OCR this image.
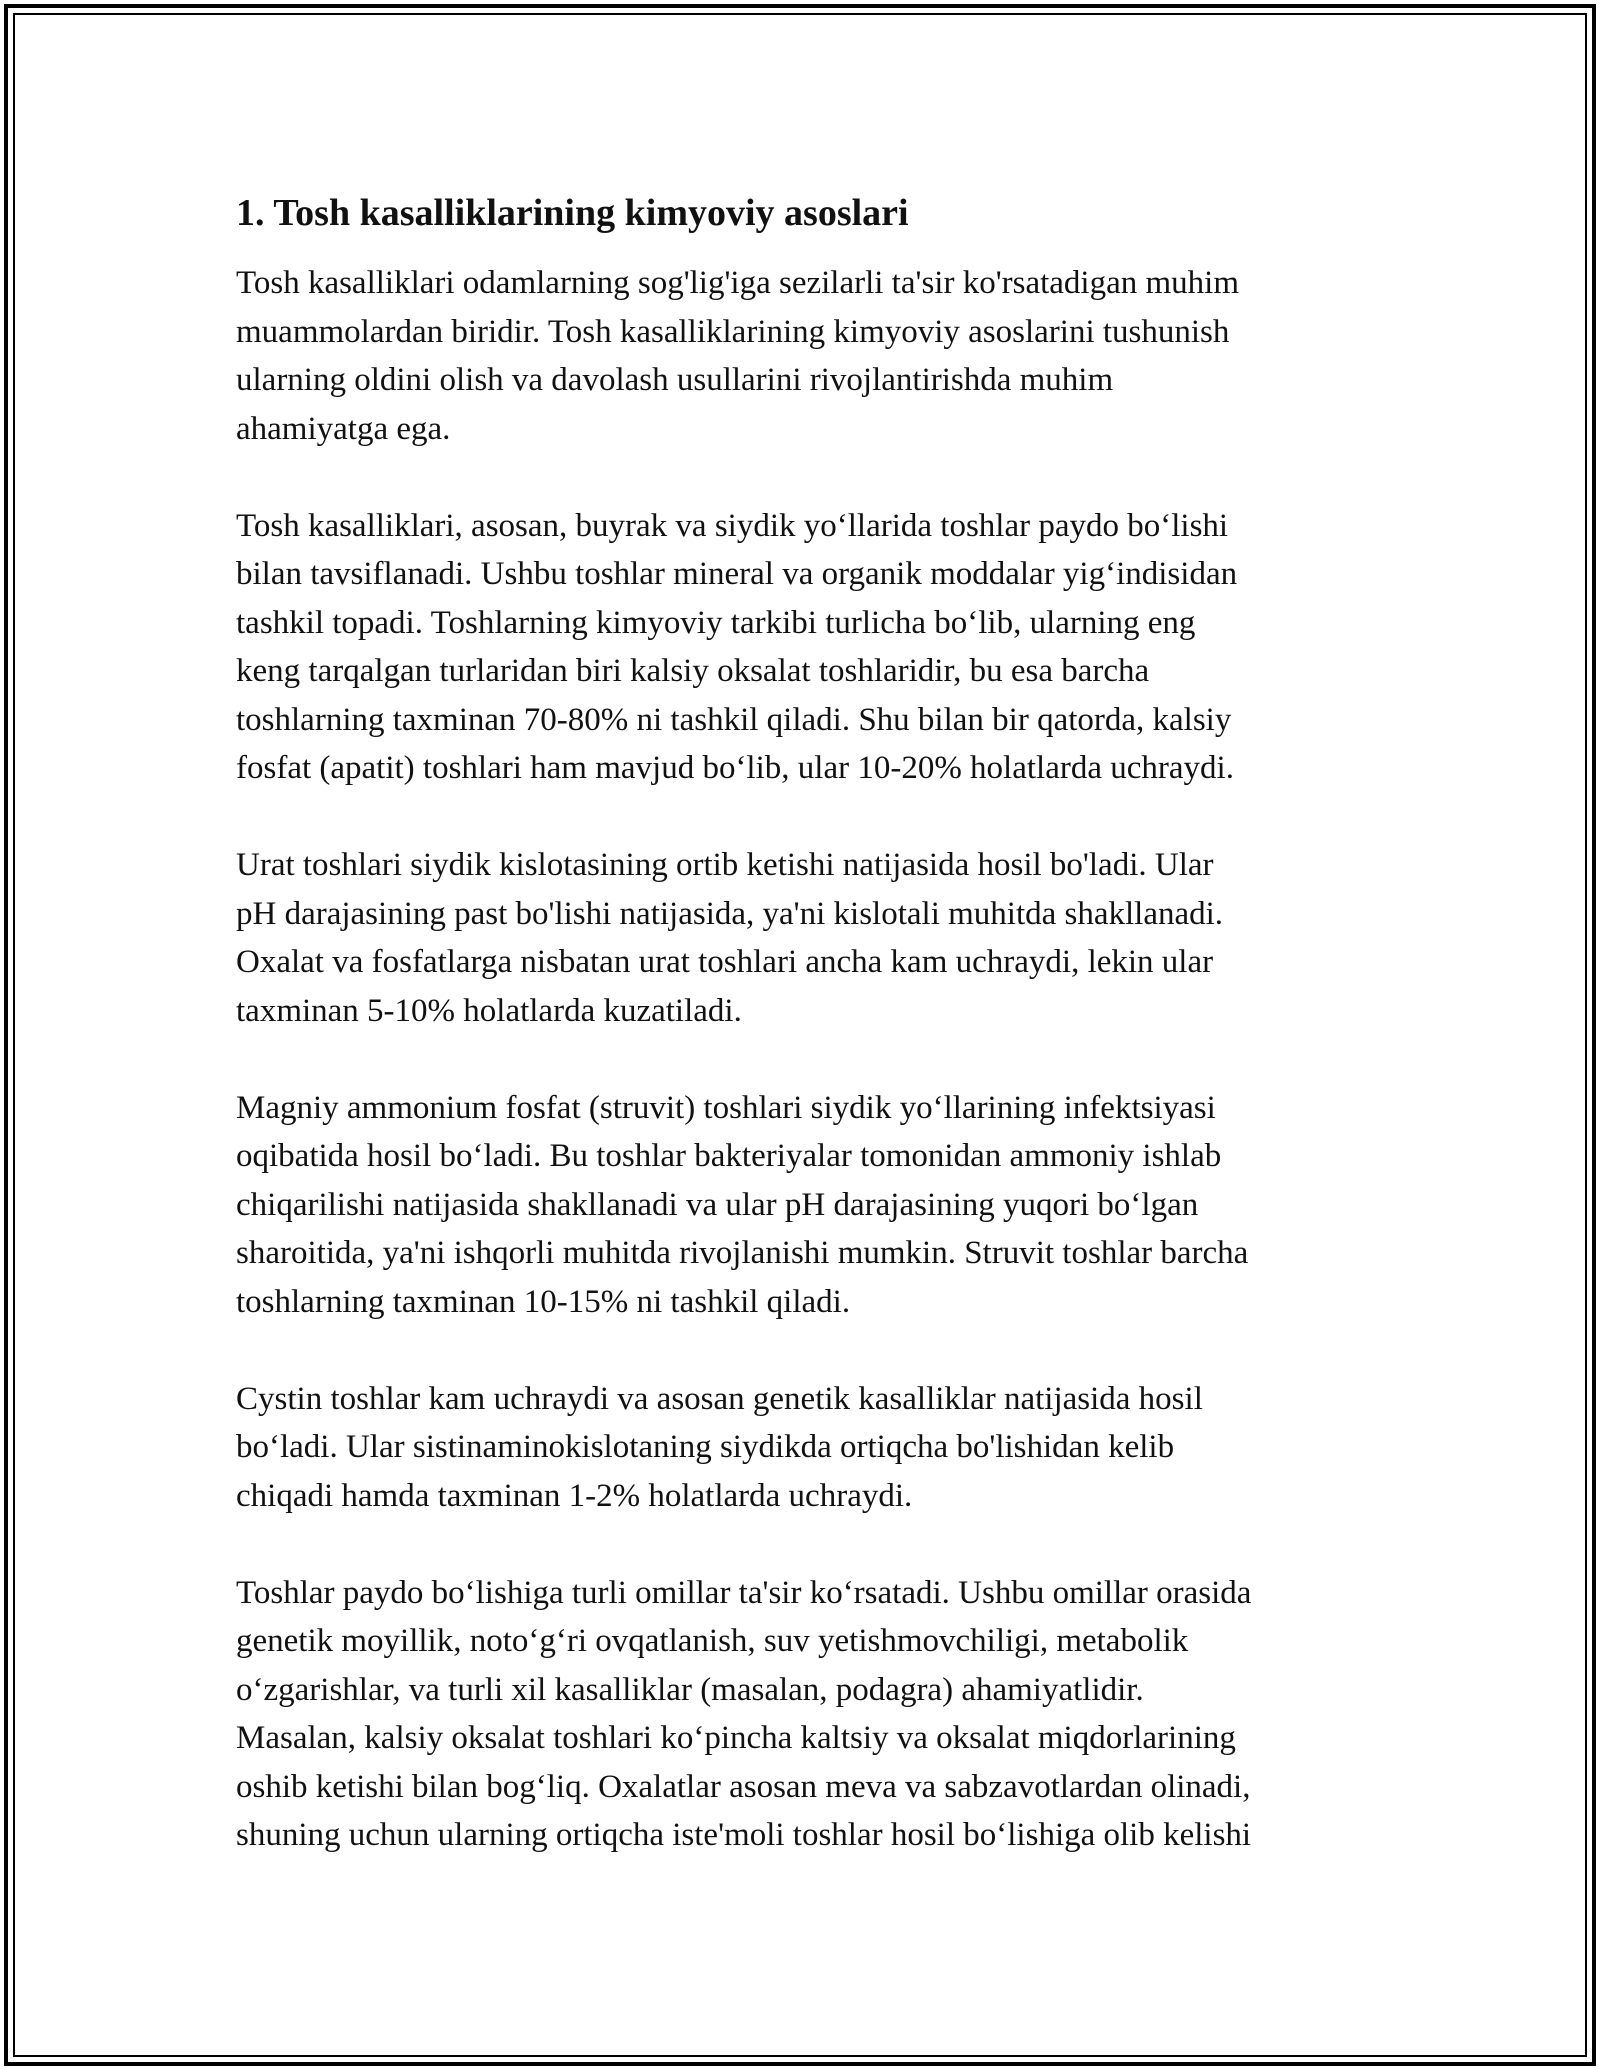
1. Tosh kasalliklarining kimyoviy asoslari

Tosh kasalliklari odamlarning sog'lig'iga sezilarli ta'sir ko'rsatadigan muhim
muammolardan biridir. Tosh kasalliklarining kimyoviy asoslarini tushunish
ularning oldini olish va davolash usullarini rivojlantirishda muhim
ahamiyatga ega.

Tosh kasalliklari, asosan, buyrak va siydik yo‘llarida toshlar paydo bo‘lishi
bilan tavsiflanadi. Ushbu toshlar mineral va organik moddalar yig‘indisidan
tashkil topadi. Toshlarning kimyoviy tarkibi turlicha bo‘lib, ularning eng
keng tarqalgan turlaridan biri kalsiy oksalat toshlaridir, bu esa barcha
toshlarning taxminan 70-80% ni tashkil qiladi. Shu bilan bir qatorda, kalsiy
fosfat (apatit) toshlari ham mavjud bo‘lib, ular 10-20% holatlarda uchraydi.

Urat toshlari siydik kislotasining ortib ketishi natijasida hosil bo'ladi. Ular
pH darajasining past bo'lishi natijasida, ya'ni kislotali muhitda shakllanadi.
Oxalat va fosfatlarga nisbatan urat toshlari ancha kam uchraydi, lekin ular
taxminan 5-10% holatlarda kuzatiladi.

Magniy ammonium fosfat (struvit) toshlari siydik yo‘llarining infektsiyasi
oqibatida hosil bo‘ladi. Bu toshlar bakteriyalar tomonidan ammoniy ishlab
chiqarilishi natijasida shakllanadi va ular pH darajasining yuqori bo‘lgan
sharoitida, ya'ni ishqorli muhitda rivojlanishi mumkin. Struvit toshlar barcha
toshlarning taxminan 10-15% ni tashkil qiladi.

Cystin toshlar kam uchraydi va asosan genetik kasalliklar natijasida hosil
bo‘ladi. Ular sistinaminokislotaning siydikda ortiqcha bo'lishidan kelib
chiqadi hamda taxminan 1-2% holatlarda uchraydi.

Toshlar paydo bo‘lishiga turli omillar ta'sir ko‘rsatadi. Ushbu omillar orasida
genetik moyillik, noto‘g‘ri ovqatlanish, suv yetishmovchiligi, metabolik
o‘zgarishlar, va turli xil kasalliklar (masalan, podagra) ahamiyatlidir.
Masalan, kalsiy oksalat toshlari ko‘pincha kaltsiy va oksalat miqdorlarining
oshib ketishi bilan bog‘liq. Oxalatlar asosan meva va sabzavotlardan olinadi,
shuning uchun ularning ortiqcha iste'moli toshlar hosil bo‘lishiga olib kelishi
